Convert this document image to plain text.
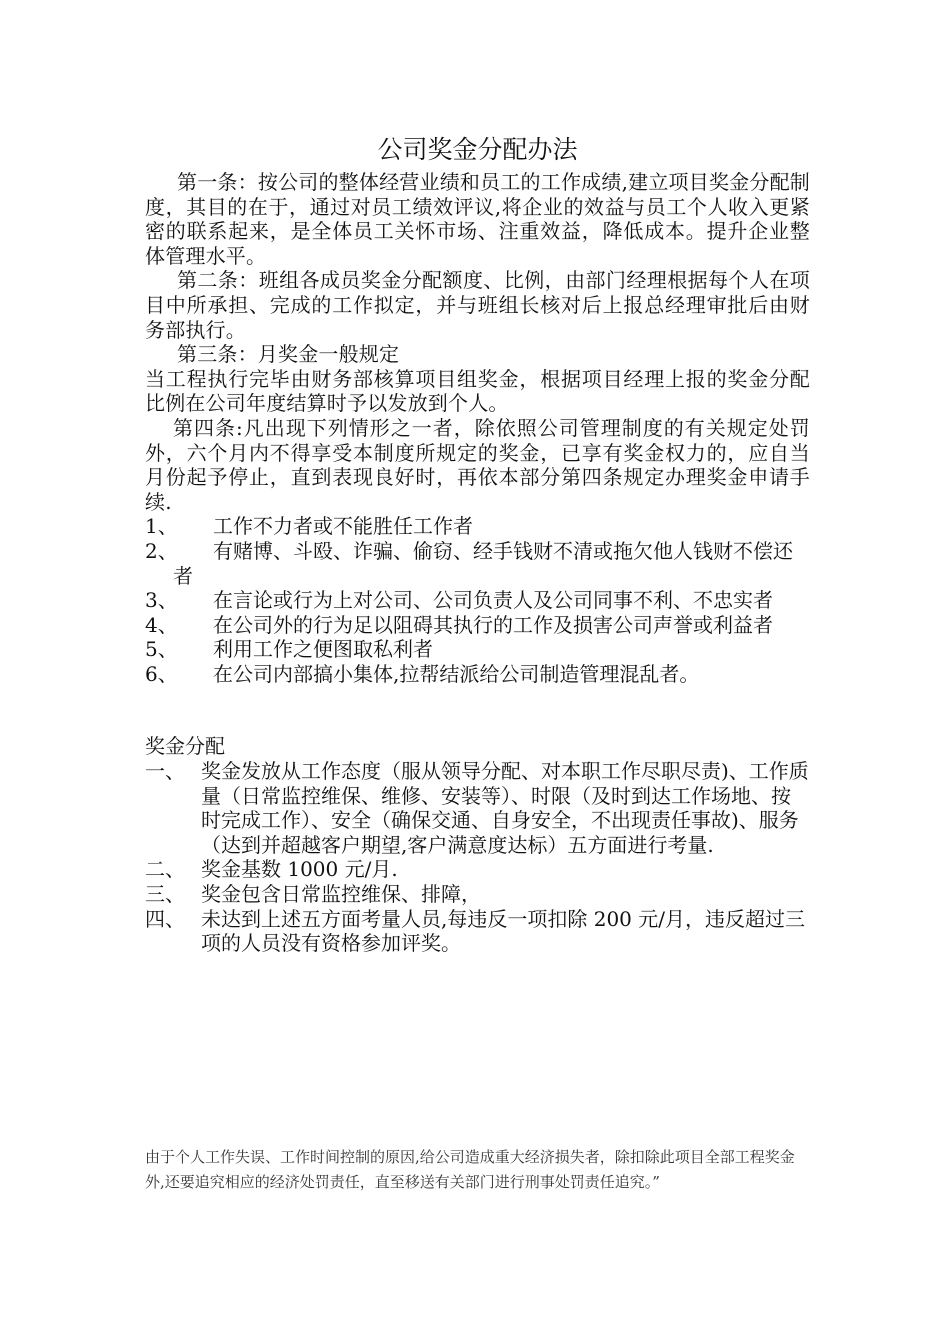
公司奖金分配办法

第一条：按公司的整体经营业绩和员工的工作成绩,建立项目奖金分配制度，其目的在于，通过对员工绩效评议,将企业的效益与员工个人收入更紧密的联系起来，是全体员工关怀市场、注重效益，降低成本。提升企业整体管理水平。

第二条：班组各成员奖金分配额度、比例，由部门经理根据每个人在项目中所承担、完成的工作拟定，并与班组长核对后上报总经理审批后由财务部执行。

第三条：月奖金一般规定

当工程执行完毕由财务部核算项目组奖金，根据项目经理上报的奖金分配比例在公司年度结算时予以发放到个人。

第四条:凡出现下列情形之一者，除依照公司管理制度的有关规定处罚外，六个月内不得享受本制度所规定的奖金，已享有奖金权力的，应自当月份起予停止，直到表现良好时，再依本部分第四条规定办理奖金申请手续.

1、	工作不力者或不能胜任工作者
2、	有赌博、斗殴、诈骗、偷窃、经手钱财不清或拖欠他人钱财不偿还者
3、	在言论或行为上对公司、公司负责人及公司同事不利、不忠实者
4、	在公司外的行为足以阻碍其执行的工作及损害公司声誉或利益者
5、	利用工作之便图取私利者
6、	在公司内部搞小集体,拉帮结派给公司制造管理混乱者。

奖金分配

一、 奖金发放从工作态度（服从领导分配、对本职工作尽职尽责)、工作质量（日常监控维保、维修、安装等）、时限（及时到达工作场地、按时完成工作）、安全（确保交通、自身安全，不出现责任事故)、服务（达到并超越客户期望,客户满意度达标）五方面进行考量.
二、 奖金基数 1000 元/月.
三、 奖金包含日常监控维保、排障，
四、 未达到上述五方面考量人员,每违反一项扣除 200 元/月，违反超过三项的人员没有资格参加评奖。

由于个人工作失误、工作时间控制的原因,给公司造成重大经济损失者，除扣除此项目全部工程奖金外,还要追究相应的经济处罚责任，直至移送有关部门进行刑事处罚责任追究。”
